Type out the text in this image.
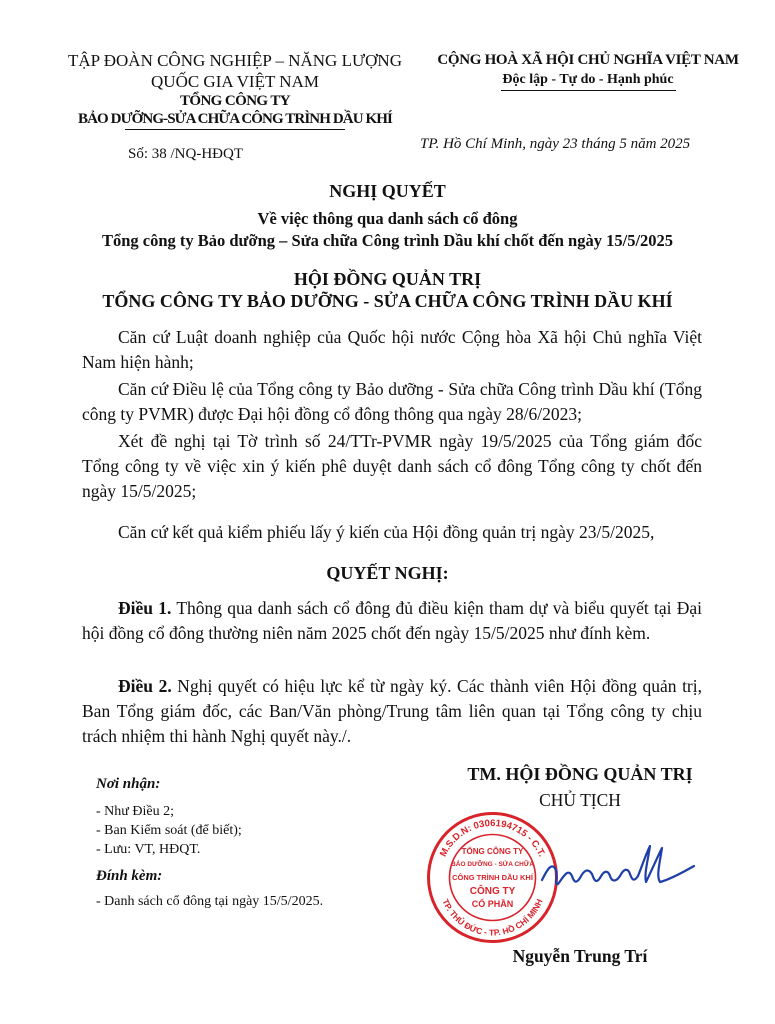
TẬP ĐOÀN CÔNG NGHIỆP – NĂNG LƯỢNG
QUỐC GIA VIỆT NAM
TỔNG CÔNG TY
BẢO DƯỠNG-SỬA CHỮA CÔNG TRÌNH DẦU KHÍ
Số: 38 /NQ-HĐQT
CỘNG HOÀ XÃ HỘI CHỦ NGHĨA VIỆT NAM
Độc lập - Tự do - Hạnh phúc
TP. Hồ Chí Minh, ngày 23 tháng 5 năm 2025
NGHỊ QUYẾT
Về việc thông qua danh sách cổ đông
Tổng công ty Bảo dưỡng – Sửa chữa Công trình Dầu khí chốt đến ngày 15/5/2025
HỘI ĐỒNG QUẢN TRỊ
TỔNG CÔNG TY BẢO DƯỠNG - SỬA CHỮA CÔNG TRÌNH DẦU KHÍ
Căn cứ Luật doanh nghiệp của Quốc hội nước Cộng hòa Xã hội Chủ nghĩa Việt Nam hiện hành;
Căn cứ Điều lệ của Tổng công ty Bảo dưỡng - Sửa chữa Công trình Dầu khí (Tổng công ty PVMR) được Đại hội đồng cổ đông thông qua ngày 28/6/2023;
Xét đề nghị tại Tờ trình số 24/TTr-PVMR ngày 19/5/2025 của Tổng giám đốc Tổng công ty về việc xin ý kiến phê duyệt danh sách cổ đông Tổng công ty chốt đến ngày 15/5/2025;
Căn cứ kết quả kiểm phiếu lấy ý kiến của Hội đồng quản trị ngày 23/5/2025,
QUYẾT NGHỊ:
Điều 1. Thông qua danh sách cổ đông đủ điều kiện tham dự và biểu quyết tại Đại hội đồng cổ đông thường niên năm 2025 chốt đến ngày 15/5/2025 như đính kèm.
Điều 2. Nghị quyết có hiệu lực kể từ ngày ký. Các thành viên Hội đồng quản trị, Ban Tổng giám đốc, các Ban/Văn phòng/Trung tâm liên quan tại Tổng công ty chịu trách nhiệm thi hành Nghị quyết này./.
Nơi nhận:
- Như Điều 2;
- Ban Kiểm soát (để biết);
- Lưu: VT, HĐQT.
Đính kèm:
- Danh sách cổ đông tại ngày 15/5/2025.
TM. HỘI ĐỒNG QUẢN TRỊ
CHỦ TỊCH
M.S.D.N: 0306194715 - C.T.
TP. THỦ ĐỨC - TP. HỒ CHÍ MINH
TỔNG CÔNG TY
BẢO DƯỠNG - SỬA CHỮA
CÔNG TRÌNH DẦU KHÍ
CÔNG TY
CỔ PHẦN
Nguyễn Trung Trí
